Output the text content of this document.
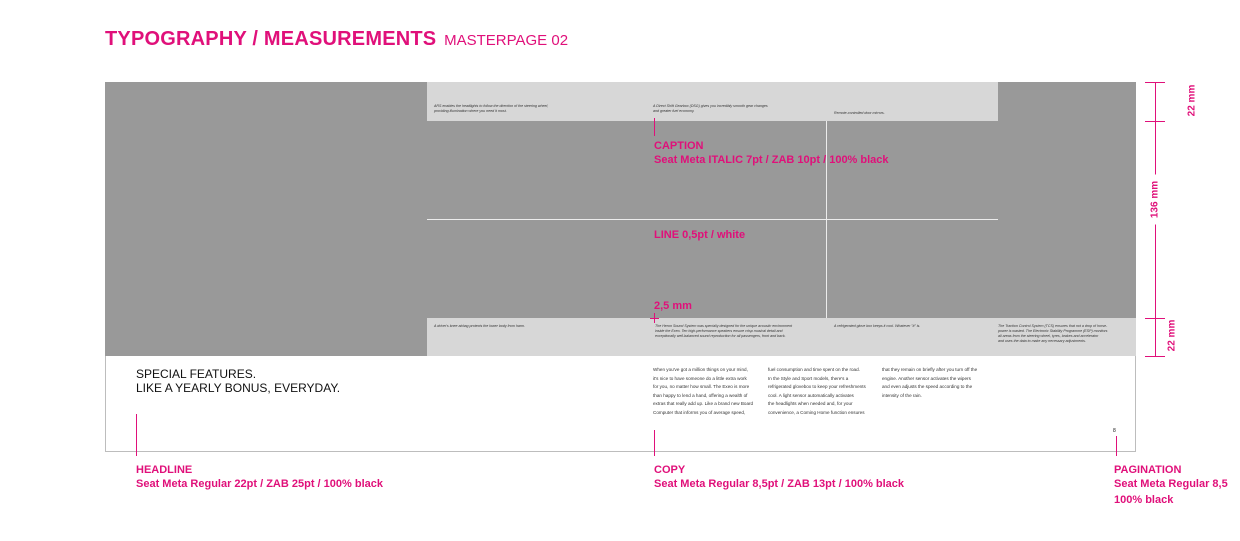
TYPOGRAPHY / MEASUREMENTS MASTERPAGE 02
ARS enables the headlights to follow the direction of the steering wheel,
providing illumination where you need it most.
A Direct Shift Gearbox (DSG) gives you incredibly smooth gear changes
and greater fuel economy.	Remote-controlled door mirrors.
A driver's knee airbag protects the lower body from harm.	The Heron Sound System was specially designed for the unique acoustic environment
inside the Exeo. Ten high-performance speakers ensure crisp musical detail and
exceptionally well-balanced sound reproduction for all passengers, front and back.
A refrigerated glove box keeps it cool. Whatever "it" is.	The Traction Control System (TCS) ensures that not a drop of horse-
power is wasted. The Electronic Stability Programme (ESP) monitors
all areas from the steering wheel, tyres, brakes and accelerator
and uses the data to make any necessary adjustments.
CAPTION
Seat Meta ITALIC 7pt / ZAB 10pt / 100% black
LINE 0,5pt / white
2,5 mm
SPECIAL FEATURES.
LIKE A YEARLY BONUS, EVERYDAY.
When you've got a million things on your mind,
it's nice to have someone do a little extra work
for you, no matter how small. The Exeo is more
than happy to lend a hand, offering a wealth of
extras that really add up. Like a brand new Board
Computer that informs you of average speed,
fuel consumption and time spent on the road.
In the Style and Sport models, there's a
refrigerated glovebox to keep your refreshments
cool. A light sensor automatically activates
the headlights when needed and, for your
convenience, a Coming Home function ensures
that they remain on briefly after you turn off the
engine. Another sensor activates the wipers
and even adjusts the speed according to the
intensity of the rain.
8
HEADLINE
Seat Meta Regular 22pt / ZAB 25pt / 100% black
COPY
Seat Meta Regular 8,5pt / ZAB 13pt / 100% black
PAGINATION
Seat Meta Regular 8,5
100% black
22 mm
136 mm
22 mm
